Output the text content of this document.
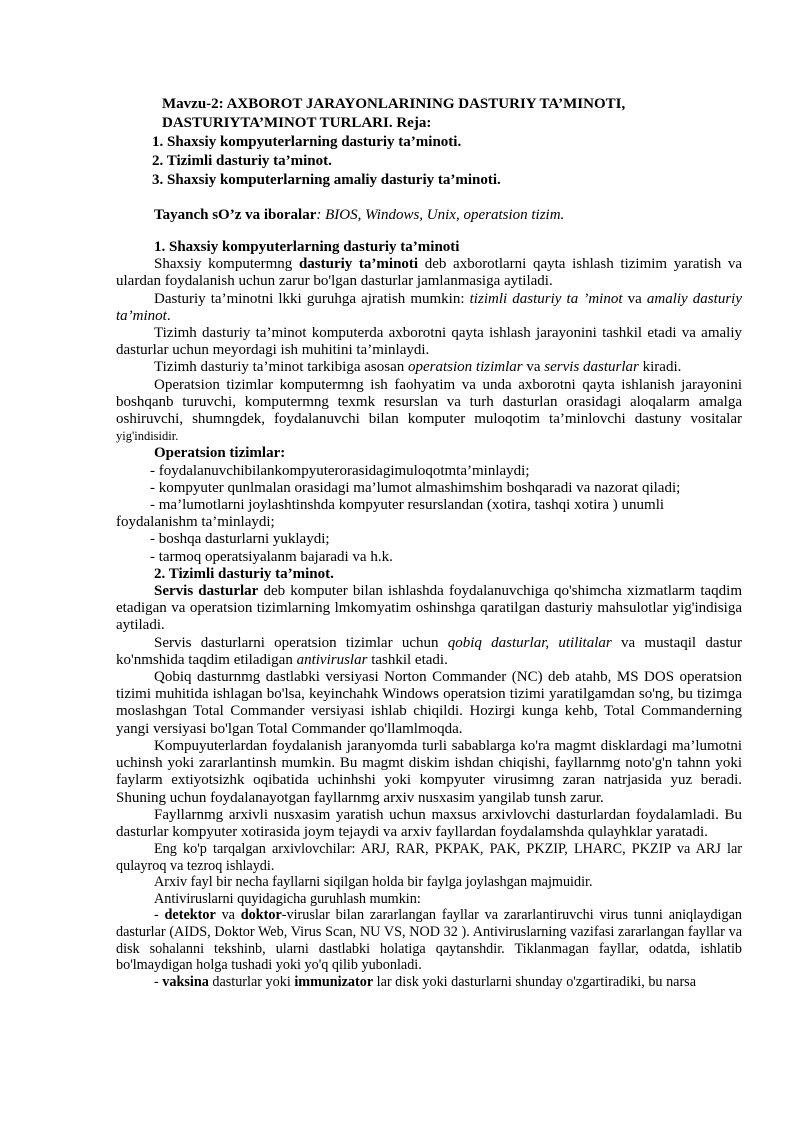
Mavzu-2: AXBOROT JARAYONLARINING DASTURIY TA’MINOTI,
DASTURIYTA’MINOT TURLARI. Reja:
1. Shaxsiy kompyuterlarning dasturiy ta’minoti.
2. Tizimli dasturiy ta’minot.
3. Shaxsiy komputerlarning amaliy dasturiy ta’minoti.
Tayanch sO’z va iboralar: BIOS, Windows, Unix, operatsion tizim.

1. Shaxsiy kompyuterlarning dasturiy ta’minoti

Shaxsiy komputermng dasturiy ta’minoti deb axborotlarni qayta ishlash tizimim yaratish va ulardan foydalanish uchun zarur bo'lgan dasturlar jamlanmasiga aytiladi.

Dasturiy ta’minotni lkki guruhga ajratish mumkin: tizimli dasturiy ta ’minot va amaliy dasturiy ta’minot.

Tizimh dasturiy ta’minot komputerda axborotni qayta ishlash jarayonini tashkil etadi va amaliy dasturlar uchun meyordagi ish muhitini ta’minlaydi.

Tizimh dasturiy ta’minot tarkibiga asosan operatsion tizimlar va servis dasturlar kiradi.

Operatsion tizimlar komputermng ish faohyatim va unda axborotni qayta ishlanish jarayonini boshqanb turuvchi, komputermng texmk resurslan va turh dasturlan orasidagi aloqalarm amalga oshiruvchi, shumngdek, foydalanuvchi bilan komputer muloqotim ta’minlovchi dastuny vositalar yig'indisidir.

Operatsion tizimlar:

- foydalanuvchibilankompyuterorasidagimuloqotmta’minlaydi;

- kompyuter qunlmalan orasidagi ma’lumot almashimshim boshqaradi va nazorat qiladi;

- ma’lumotlarni joylashtinshda kompyuter resurslandan (xotira, tashqi xotira ) unumli foydalanishm ta’minlaydi;

- boshqa dasturlarni yuklaydi;

- tarmoq operatsiyalanm bajaradi va h.k.

2. Tizimli dasturiy ta’minot.

Servis dasturlar deb komputer bilan ishlashda foydalanuvchiga qo'shimcha xizmatlarm taqdim etadigan va operatsion tizimlarning lmkomyatim oshinshga qaratilgan dasturiy mahsulotlar yig'indisiga aytiladi.

Servis dasturlarni operatsion tizimlar uchun qobiq dasturlar, utilitalar va mustaqil dastur ko'nmshida taqdim etiladigan antiviruslar tashkil etadi.

Qobiq dasturnmg dastlabki versiyasi Norton Commander (NC) deb atahb, MS DOS operatsion tizimi muhitida ishlagan bo'lsa, keyinchahk Windows operatsion tizimi yaratilgamdan so'ng, bu tizimga moslashgan Total Commander versiyasi ishlab chiqildi. Hozirgi kunga kehb, Total Commanderning yangi versiyasi bo'lgan Total Commander qo'llamlmoqda.

Kompuyuterlardan foydalanish jaranyomda turli sabablarga ko'ra magmt disklardagi ma’lumotni uchinsh yoki zararlantinsh mumkin. Bu magmt diskim ishdan chiqishi, fayllarnmg noto'g'n tahnn yoki faylarm extiyotsizhk oqibatida uchinhshi yoki kompyuter virusimng zaran natrjasida yuz beradi. Shuning uchun foydalanayotgan fayllarnmg arxiv nusxasim yangilab tunsh zarur.

Fayllarnmg arxivli nusxasim yaratish uchun maxsus arxivlovchi dasturlardan foydalamladi. Bu dasturlar kompyuter xotirasida joym tejaydi va arxiv fayllardan foydalamshda qulayhklar yaratadi.

Eng ko'p tarqalgan arxivlovchilar: ARJ, RAR, PKPAK, PAK, PKZIP, LHARC, PKZIP va ARJ lar qulayroq va tezroq ishlaydi.

Arxiv fayl bir necha fayllarni siqilgan holda bir faylga joylashgan majmuidir.

Antiviruslarni quyidagicha guruhlash mumkin:

- detektor va doktor-viruslar bilan zararlangan fayllar va zararlantiruvchi virus tunni aniqlaydigan dasturlar (AIDS, Doktor Web, Virus Scan, NU VS, NOD 32 ). Antiviruslarning vazifasi zararlangan fayllar va disk sohalanni tekshinb, ularni dastlabki holatiga qaytanshdir. Tiklanmagan fayllar, odatda, ishlatib bo'lmaydigan holga tushadi yoki yo'q qilib yubonladi.

- vaksina dasturlar yoki immunizator lar disk yoki dasturlarni shunday o'zgartiradiki, bu narsa
